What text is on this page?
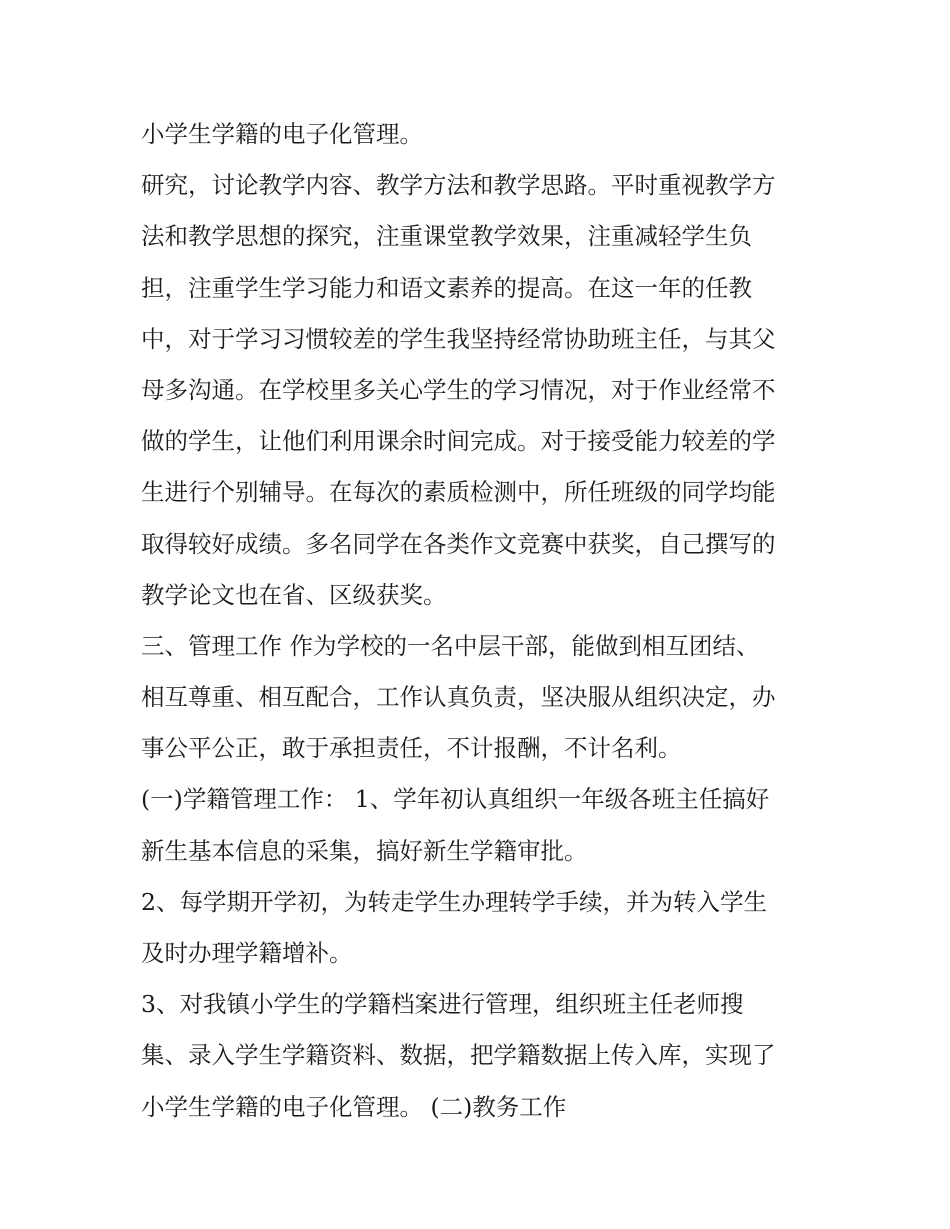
小学生学籍的电子化管理。
研究，讨论教学内容、教学方法和教学思路。平时重视教学方
法和教学思想的探究，注重课堂教学效果，注重减轻学生负
担，注重学生学习能力和语文素养的提高。在这一年的任教
中，对于学习习惯较差的学生我坚持经常协助班主任，与其父
母多沟通。在学校里多关心学生的学习情况，对于作业经常不
做的学生，让他们利用课余时间完成。对于接受能力较差的学
生进行个别辅导。在每次的素质检测中，所任班级的同学均能
取得较好成绩。多名同学在各类作文竞赛中获奖，自己撰写的
教学论文也在省、区级获奖。
三、管理工作 作为学校的一名中层干部，能做到相互团结、
相互尊重、相互配合，工作认真负责，坚决服从组织决定，办
事公平公正，敢于承担责任，不计报酬，不计名利。
(一)学籍管理工作： 1、学年初认真组织一年级各班主任搞好
新生基本信息的采集，搞好新生学籍审批。
2、每学期开学初，为转走学生办理转学手续，并为转入学生
及时办理学籍增补。
3、对我镇小学生的学籍档案进行管理，组织班主任老师搜
集、录入学生学籍资料、数据，把学籍数据上传入库，实现了
小学生学籍的电子化管理。 (二)教务工作
